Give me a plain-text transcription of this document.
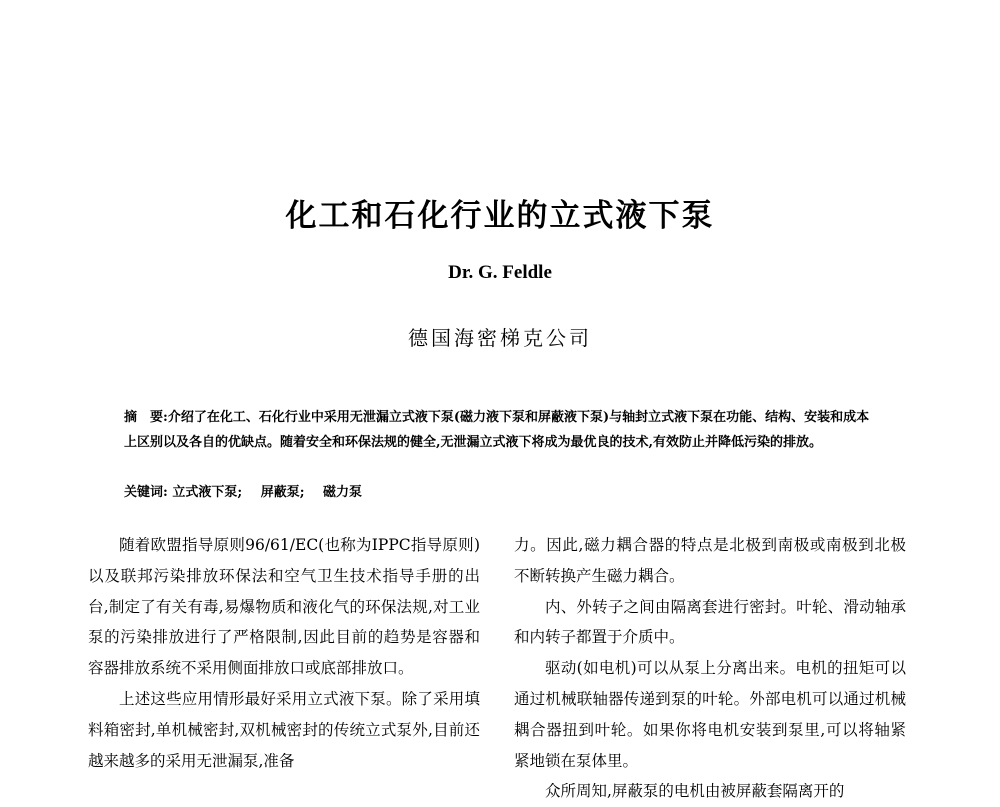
化工和石化行业的立式液下泵
Dr. G. Feldle
德国海密梯克公司

摘　要:介绍了在化工、石化行业中采用无泄漏立式液下泵(磁力液下泵和屏蔽液下泵)与轴封立式液下泵在功能、结构、安装和成本上区别以及各自的优缺点。随着安全和环保法规的健全,无泄漏立式液下将成为最优良的技术,有效防止并降低污染的排放。

关键词: 立式液下泵; 屏蔽泵; 磁力泵

随着欧盟指导原则96/61/EC(也称为IPPC指导原则)以及联邦污染排放环保法和空气卫生技术指导手册的出台,制定了有关有毒,易爆物质和液化气的环保法规,对工业泵的污染排放进行了严格限制,因此目前的趋势是容器和容器排放系统不采用侧面排放口或底部排放口。

上述这些应用情形最好采用立式液下泵。除了采用填料箱密封,单机械密封,双机械密封的传统立式泵外,目前还越来越多的采用无泄漏泵,准备

力。因此,磁力耦合器的特点是北极到南极或南极到北极不断转换产生磁力耦合。

内、外转子之间由隔离套进行密封。叶轮、滑动轴承和内转子都置于介质中。

驱动(如电机)可以从泵上分离出来。电机的扭矩可以通过机械联轴器传递到泵的叶轮。外部电机可以通过机械耦合器扭到叶轮。如果你将电机安装到泵里,可以将轴紧紧地锁在泵体里。

众所周知,屏蔽泵的电机由被屏蔽套隔离开的
